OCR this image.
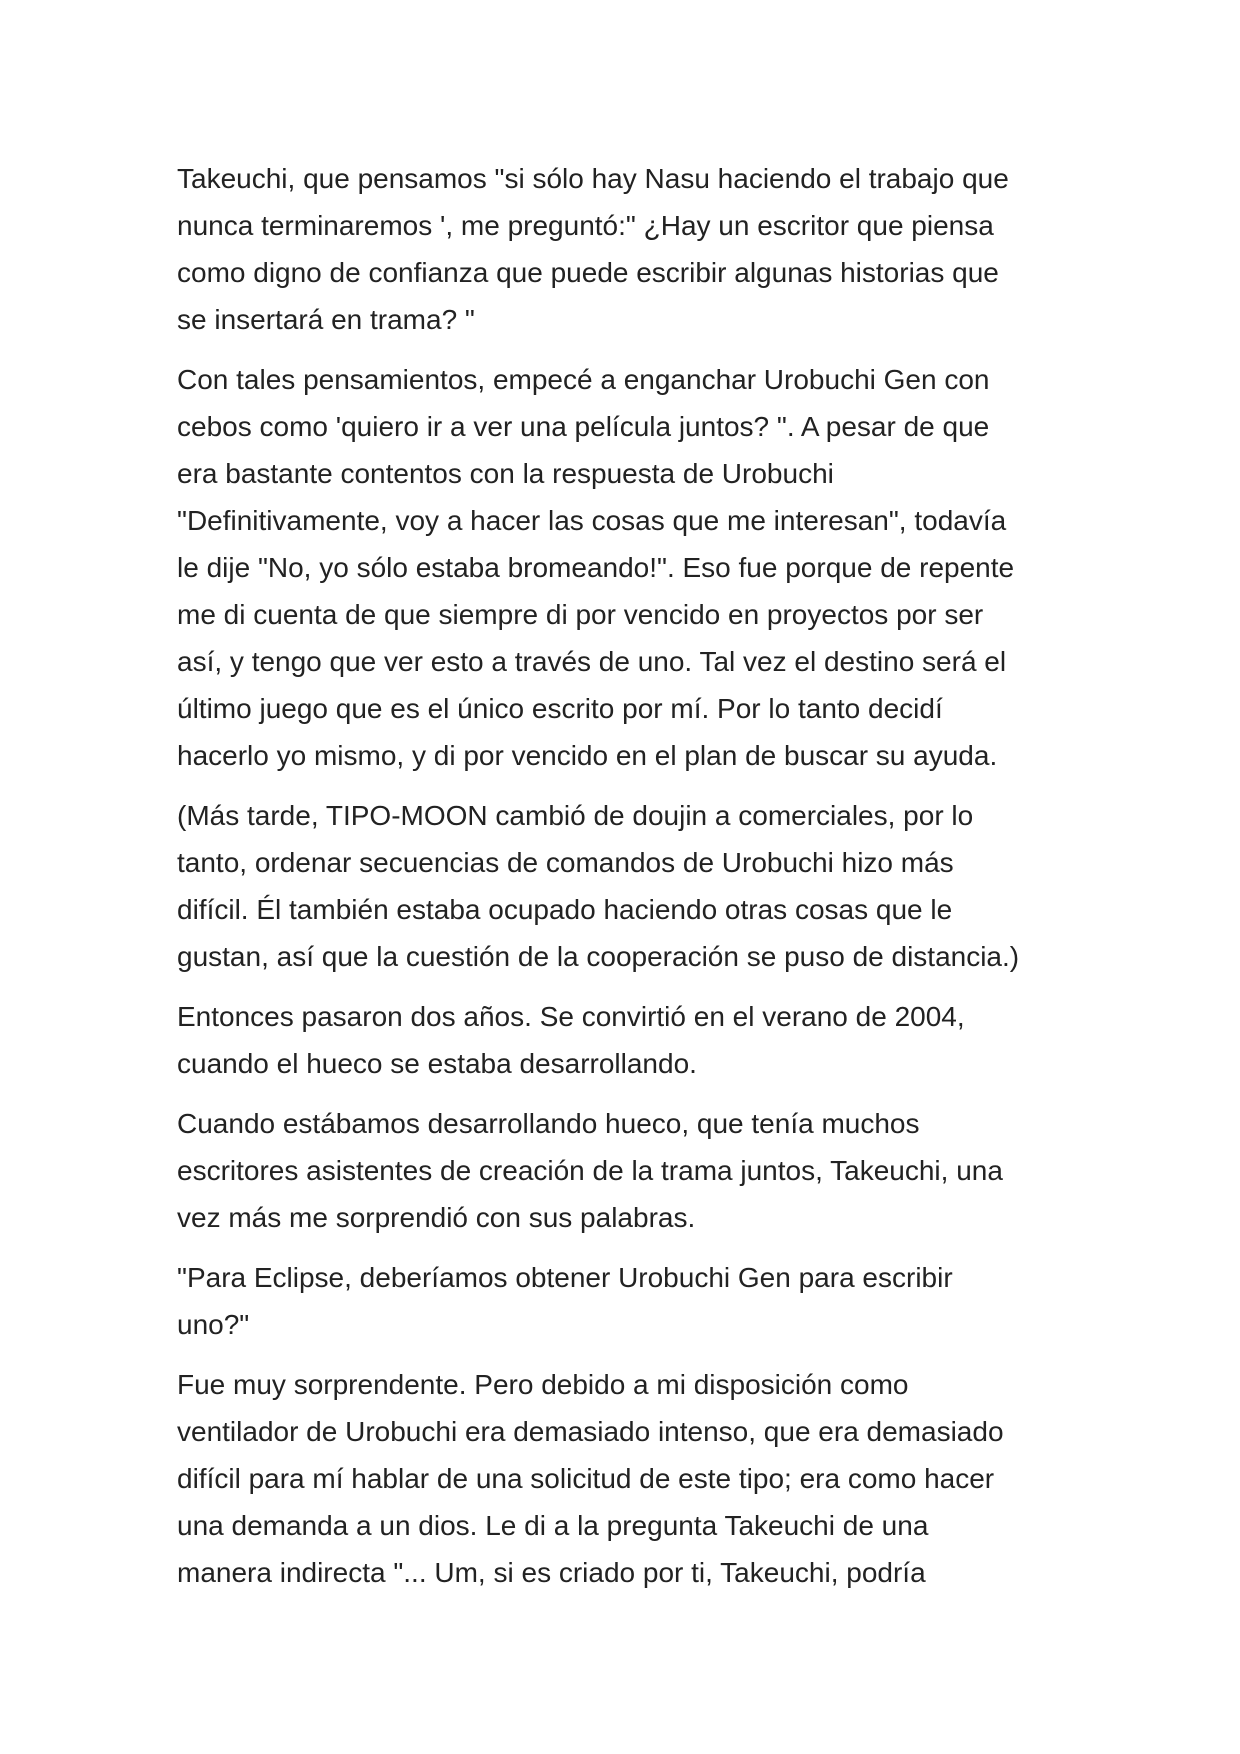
Takeuchi, que pensamos "si sólo hay Nasu haciendo el trabajo que
nunca terminaremos ', me preguntó:" ¿Hay un escritor que piensa
como digno de confianza que puede escribir algunas historias que
se insertará en trama? "

Con tales pensamientos, empecé a enganchar Urobuchi Gen con
cebos como 'quiero ir a ver una película juntos? ". A pesar de que
era bastante contentos con la respuesta de Urobuchi
"Definitivamente, voy a hacer las cosas que me interesan", todavía
le dije "No, yo sólo estaba bromeando!". Eso fue porque de repente
me di cuenta de que siempre di por vencido en proyectos por ser
así, y tengo que ver esto a través de uno. Tal vez el destino será el
último juego que es el único escrito por mí. Por lo tanto decidí
hacerlo yo mismo, y di por vencido en el plan de buscar su ayuda.

(Más tarde, TIPO-MOON cambió de doujin a comerciales, por lo
tanto, ordenar secuencias de comandos de Urobuchi hizo más
difícil. Él también estaba ocupado haciendo otras cosas que le
gustan, así que la cuestión de la cooperación se puso de distancia.)

Entonces pasaron dos años. Se convirtió en el verano de 2004,
cuando el hueco se estaba desarrollando.

Cuando estábamos desarrollando hueco, que tenía muchos
escritores asistentes de creación de la trama juntos, Takeuchi, una
vez más me sorprendió con sus palabras.

"Para Eclipse, deberíamos obtener Urobuchi Gen para escribir
uno?"

Fue muy sorprendente. Pero debido a mi disposición como
ventilador de Urobuchi era demasiado intenso, que era demasiado
difícil para mí hablar de una solicitud de este tipo; era como hacer
una demanda a un dios. Le di a la pregunta Takeuchi de una
manera indirecta "... Um, si es criado por ti, Takeuchi, podría
